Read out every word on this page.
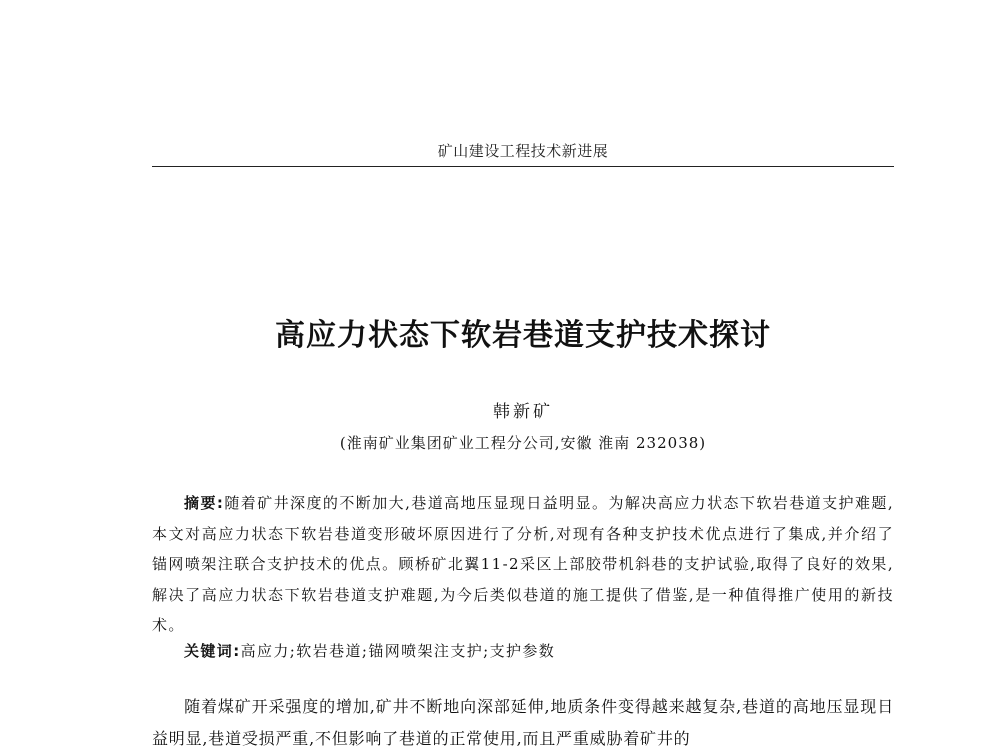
矿山建设工程技术新进展
高应力状态下软岩巷道支护技术探讨
韩新矿
(淮南矿业集团矿业工程分公司,安徽 淮南 232038)
摘要:随着矿井深度的不断加大,巷道高地压显现日益明显。为解决高应力状态下软岩巷道支护难题,本文对高应力状态下软岩巷道变形破坏原因进行了分析,对现有各种支护技术优点进行了集成,并介绍了锚网喷架注联合支护技术的优点。顾桥矿北翼11-2采区上部胶带机斜巷的支护试验,取得了良好的效果,解决了高应力状态下软岩巷道支护难题,为今后类似巷道的施工提供了借鉴,是一种值得推广使用的新技术。
关键词:高应力;软岩巷道;锚网喷架注支护;支护参数
随着煤矿开采强度的增加,矿井不断地向深部延伸,地质条件变得越来越复杂,巷道的高地压显现日益明显,巷道受损严重,不但影响了巷道的正常使用,而且严重威胁着矿井的
